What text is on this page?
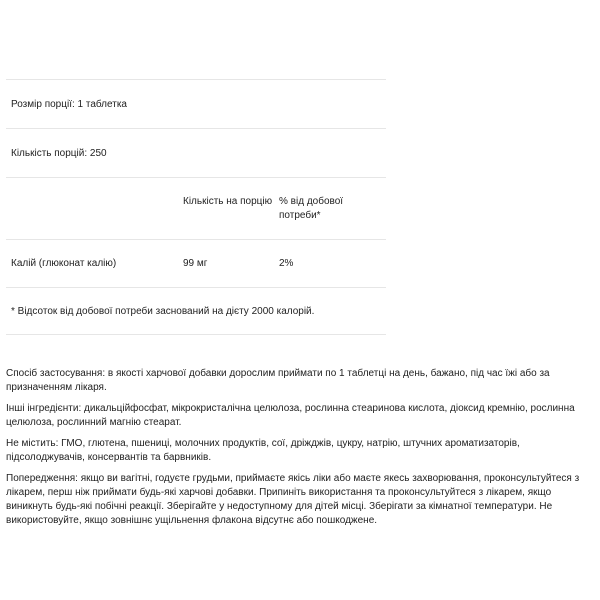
Розмір порції: 1 таблетка
Кількість порцій: 250
Кількість на порцію % від добової потреби*
Калій (глюконат калію)	99 мг	2%
* Відсоток від добової потреби заснований на дієту 2000 калорій.

Спосіб застосування: в якості харчової добавки дорослим приймати по 1 таблетці на день, бажано, під час їжі або за призначенням лікаря.

Інші інгредієнти: дикальційфосфат, мікрокристалічна целюлоза, рослинна стеаринова кислота, діоксид кремнію, рослинна целюлоза, рослинний магнію стеарат.

Не містить: ГМО, глютена, пшениці, молочних продуктів, сої, дріжджів, цукру, натрію, штучних ароматизаторів, підсолоджувачів, консервантів та барвників.

Попередження: якщо ви вагітні, годуєте грудьми, приймаєте якісь ліки або маєте якесь захворювання, проконсультуйтеся з лікарем, перш ніж приймати будь-які харчові добавки. Припиніть використання та проконсультуйтеся з лікарем, якщо виникнуть будь-які побічні реакції. Зберігайте у недоступному для дітей місці. Зберігати за кімнатної температури. Не використовуйте, якщо зовнішнє ущільнення флакона відсутнє або пошкоджене.
